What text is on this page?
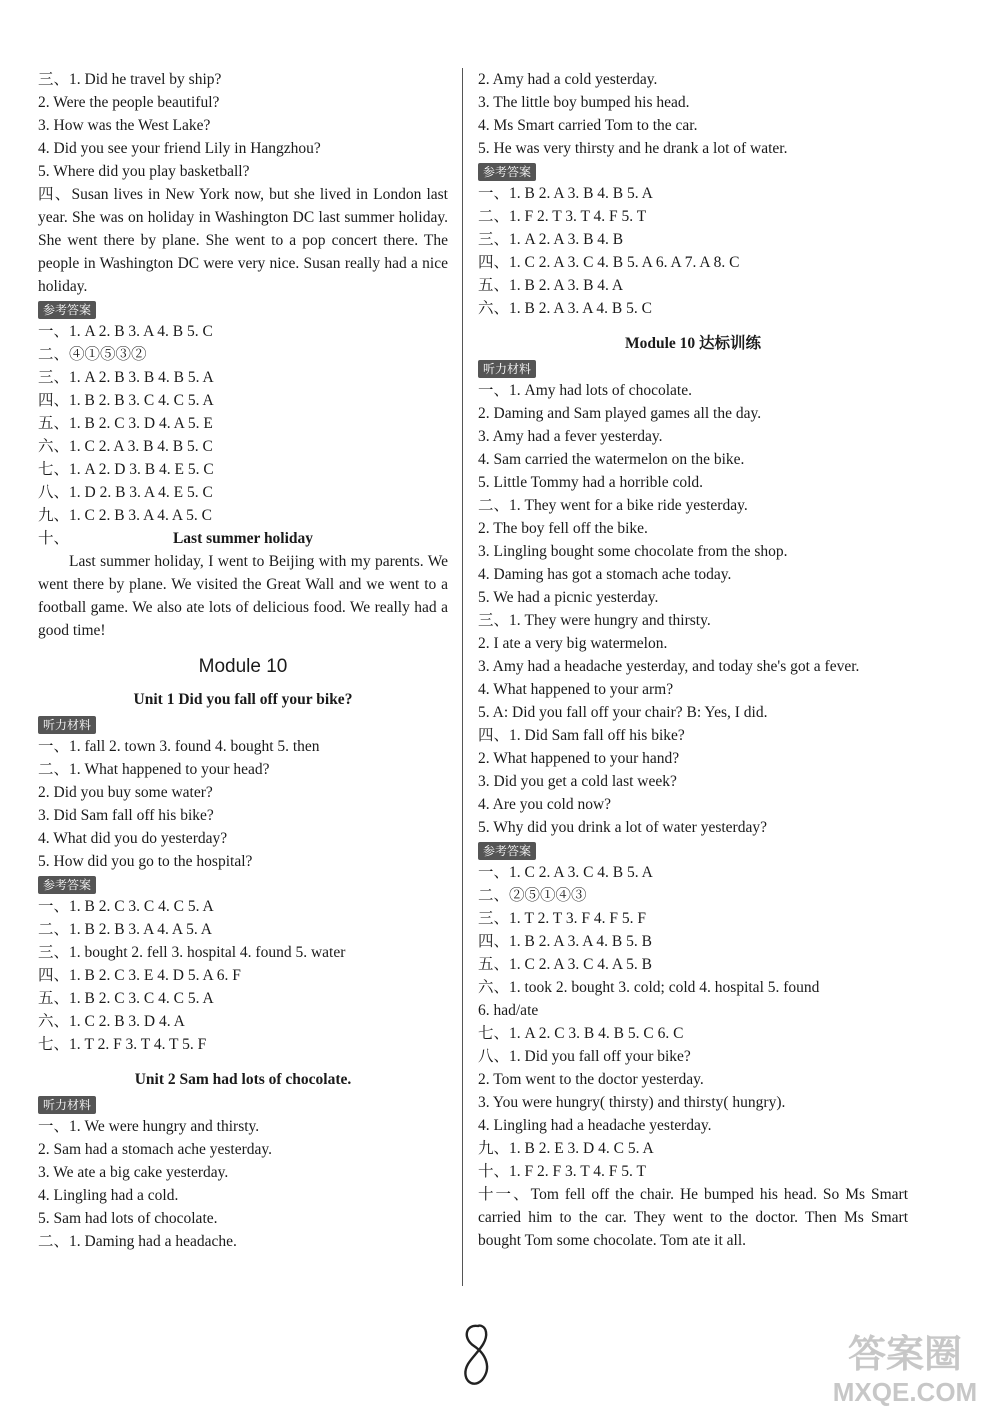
三、1. Did he travel by ship?
2. Were the people beautiful?
3. How was the West Lake?
4. Did you see your friend Lily in Hangzhou?
5. Where did you play basketball?
四、Susan lives in New York now, but she lived in London last year. She was on holiday in Washington DC last summer holiday. She went there by plane. She went to a pop concert there. The people in Washington DC were very nice. Susan really had a nice holiday.
参考答案
一、1. A 2. B 3. A 4. B 5. C
二、④①⑤③②
三、1. A 2. B 3. B 4. B 5. A
四、1. B 2. B 3. C 4. C 5. A
五、1. B 2. C 3. D 4. A 5. E
六、1. C 2. A 3. B 4. B 5. C
七、1. A 2. D 3. B 4. E 5. C
八、1. D 2. B 3. A 4. E 5. C
九、1. C 2. B 3. A 4. A 5. C
十、	Last summer holiday
Last summer holiday, I went to Beijing with my parents. We went there by plane. We visited the Great Wall and we went to a football game. We also ate lots of delicious food. We really had a good time!
Module 10
Unit 1 Did you fall off your bike?
听力材料
一、1. fall 2. town 3. found 4. bought 5. then
二、1. What happened to your head?
2. Did you buy some water?
3. Did Sam fall off his bike?
4. What did you do yesterday?
5. How did you go to the hospital?
参考答案
一、1. B 2. C 3. C 4. C 5. A
二、1. B 2. B 3. A 4. A 5. A
三、1. bought 2. fell 3. hospital 4. found 5. water
四、1. B 2. C 3. E 4. D 5. A 6. F
五、1. B 2. C 3. C 4. C 5. A
六、1. C 2. B 3. D 4. A
七、1. T 2. F 3. T 4. T 5. F
Unit 2 Sam had lots of chocolate.
听力材料
一、1. We were hungry and thirsty.
2. Sam had a stomach ache yesterday.
3. We ate a big cake yesterday.
4. Lingling had a cold.
5. Sam had lots of chocolate.
二、1. Daming had a headache.
2. Amy had a cold yesterday.
3. The little boy bumped his head.
4. Ms Smart carried Tom to the car.
5. He was very thirsty and he drank a lot of water.
参考答案
一、1. B 2. A 3. B 4. B 5. A
二、1. F 2. T 3. T 4. F 5. T
三、1. A 2. A 3. B 4. B
四、1. C 2. A 3. C 4. B 5. A 6. A 7. A 8. C
五、1. B 2. A 3. B 4. A
六、1. B 2. A 3. A 4. B 5. C
Module 10 达标训练
听力材料
一、1. Amy had lots of chocolate.
2. Daming and Sam played games all the day.
3. Amy had a fever yesterday.
4. Sam carried the watermelon on the bike.
5. Little Tommy had a horrible cold.
二、1. They went for a bike ride yesterday.
2. The boy fell off the bike.
3. Lingling bought some chocolate from the shop.
4. Daming has got a stomach ache today.
5. We had a picnic yesterday.
三、1. They were hungry and thirsty.
2. I ate a very big watermelon.
3. Amy had a headache yesterday, and today she's got a fever.
4. What happened to your arm?
5. A: Did you fall off your chair? B: Yes, I did.
四、1. Did Sam fall off his bike?
2. What happened to your hand?
3. Did you get a cold last week?
4. Are you cold now?
5. Why did you drink a lot of water yesterday?
参考答案
一、1. C 2. A 3. C 4. B 5. A
二、②⑤①④③
三、1. T 2. T 3. F 4. F 5. F
四、1. B 2. A 3. A 4. B 5. B
五、1. C 2. A 3. C 4. A 5. B
六、1. took 2. bought 3. cold; cold 4. hospital 5. found
6. had/ate
七、1. A 2. C 3. B 4. B 5. C 6. C
八、1. Did you fall off your bike?
2. Tom went to the doctor yesterday.
3. You were hungry( thirsty) and thirsty( hungry).
4. Lingling had a headache yesterday.
九、1. B 2. E 3. D 4. C 5. A
十、1. F 2. F 3. T 4. F 5. T
十一、Tom fell off the chair. He bumped his head. So Ms Smart carried him to the car. They went to the doctor. Then Ms Smart bought Tom some chocolate. Tom ate it all.
8
答案圈
MXQE.COM
